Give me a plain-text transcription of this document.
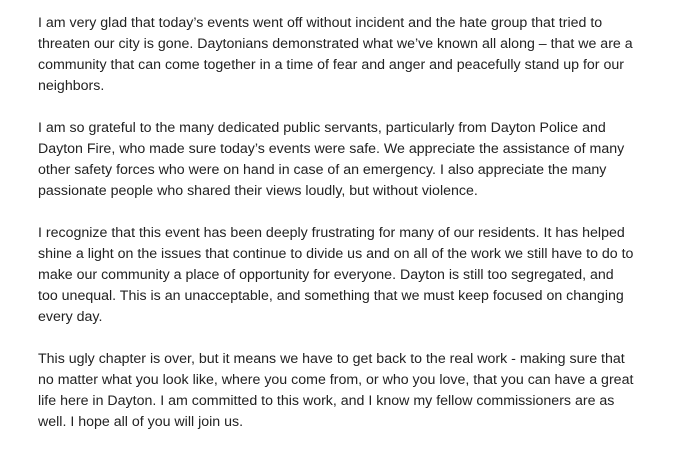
I am very glad that today’s events went off without incident and the hate group that tried to
threaten our city is gone. Daytonians demonstrated what we’ve known all along – that we are a
community that can come together in a time of fear and anger and peacefully stand up for our
neighbors.
I am so grateful to the many dedicated public servants, particularly from Dayton Police and
Dayton Fire, who made sure today’s events were safe. We appreciate the assistance of many
other safety forces who were on hand in case of an emergency. I also appreciate the many
passionate people who shared their views loudly, but without violence.
I recognize that this event has been deeply frustrating for many of our residents. It has helped
shine a light on the issues that continue to divide us and on all of the work we still have to do to
make our community a place of opportunity for everyone. Dayton is still too segregated, and
too unequal. This is an unacceptable, and something that we must keep focused on changing
every day.
This ugly chapter is over, but it means we have to get back to the real work - making sure that
no matter what you look like, where you come from, or who you love, that you can have a great
life here in Dayton. I am committed to this work, and I know my fellow commissioners are as
well. I hope all of you will join us.
